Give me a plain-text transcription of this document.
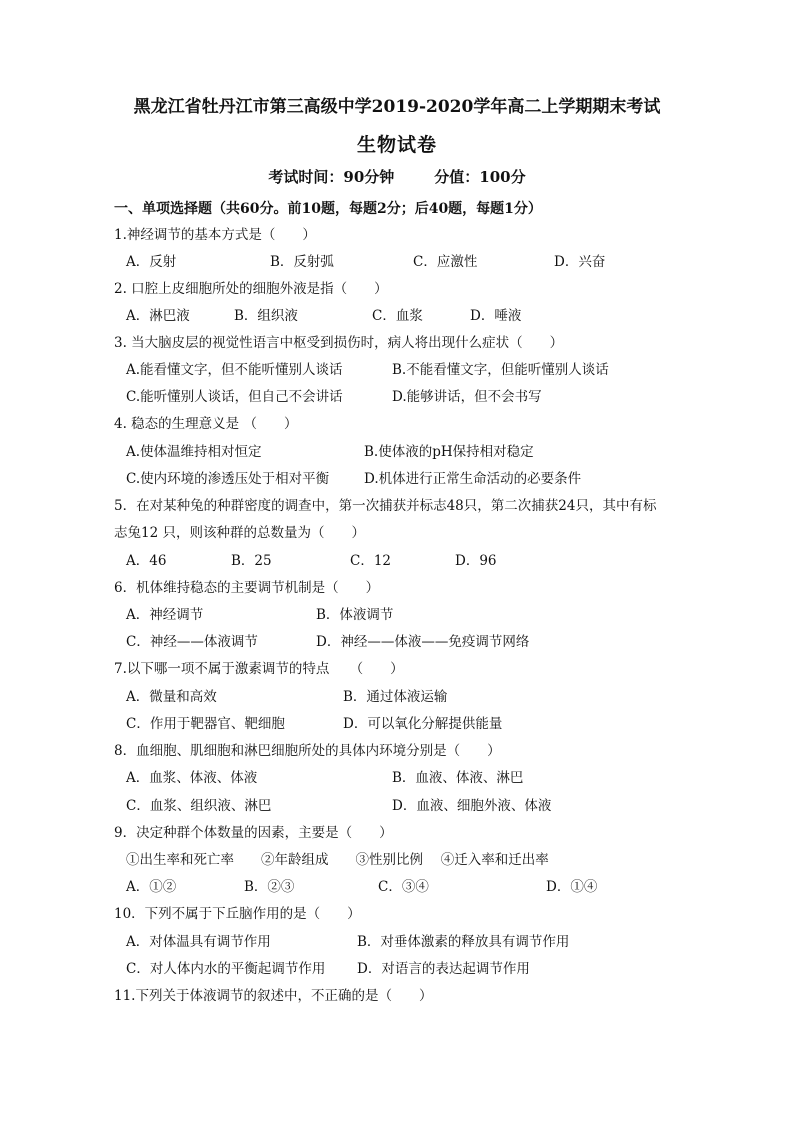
黑龙江省牡丹江市第三高级中学2019-2020学年高二上学期期末考试
生物试卷
考试时间：90分钟	分值：100分
一、单项选择题（共60分。前10题，每题2分；后40题，每题1分）
1.神经调节的基本方式是（　　）
A．反射	B．反射弧	C．应激性	D．兴奋
2. 口腔上皮细胞所处的细胞外液是指（　　）
A．淋巴液	B．组织液	C．血浆	D．唾液
3. 当大脑皮层的视觉性语言中枢受到损伤时，病人将出现什么症状（　　）
A.能看懂文字，但不能听懂别人谈话	B.不能看懂文字，但能听懂别人谈话
C.能听懂别人谈话，但自己不会讲话	D.能够讲话，但不会书写
4. 稳态的生理意义是 （　　）
A.使体温维持相对恒定	B.使体液的pH保持相对稳定
C.使内环境的渗透压处于相对平衡	D.机体进行正常生命活动的必要条件
5．在对某种兔的种群密度的调查中，第一次捕获并标志48只，第二次捕获24只，其中有标
志兔12 只，则该种群的总数量为（　　）
A．46	B．25	C．12	D．96
6．机体维持稳态的主要调节机制是（　　）
A．神经调节	B．体液调节
C．神经——体液调节	D．神经——体液——免疫调节网络
7.以下哪一项不属于激素调节的特点　　（　　）
A．微量和高效	B．通过体液运输
C．作用于靶器官、靶细胞	D．可以氧化分解提供能量
8．血细胞、肌细胞和淋巴细胞所处的具体内环境分别是（　　）
A．血浆、体液、体液	B．血液、体液、淋巴
C．血浆、组织液、淋巴	D．血液、细胞外液、体液
9．决定种群个体数量的因素，主要是（　　）
①出生率和死亡率　　②年龄组成　　③性别比例　 ④迁入率和迁出率
A．①②	B．②③	C．③④	D．①④
10．下列不属于下丘脑作用的是（　　）
A．对体温具有调节作用	B．对垂体激素的释放具有调节作用
C．对人体内水的平衡起调节作用 D．对语言的表达起调节作用
11.下列关于体液调节的叙述中，不正确的是（　　）
